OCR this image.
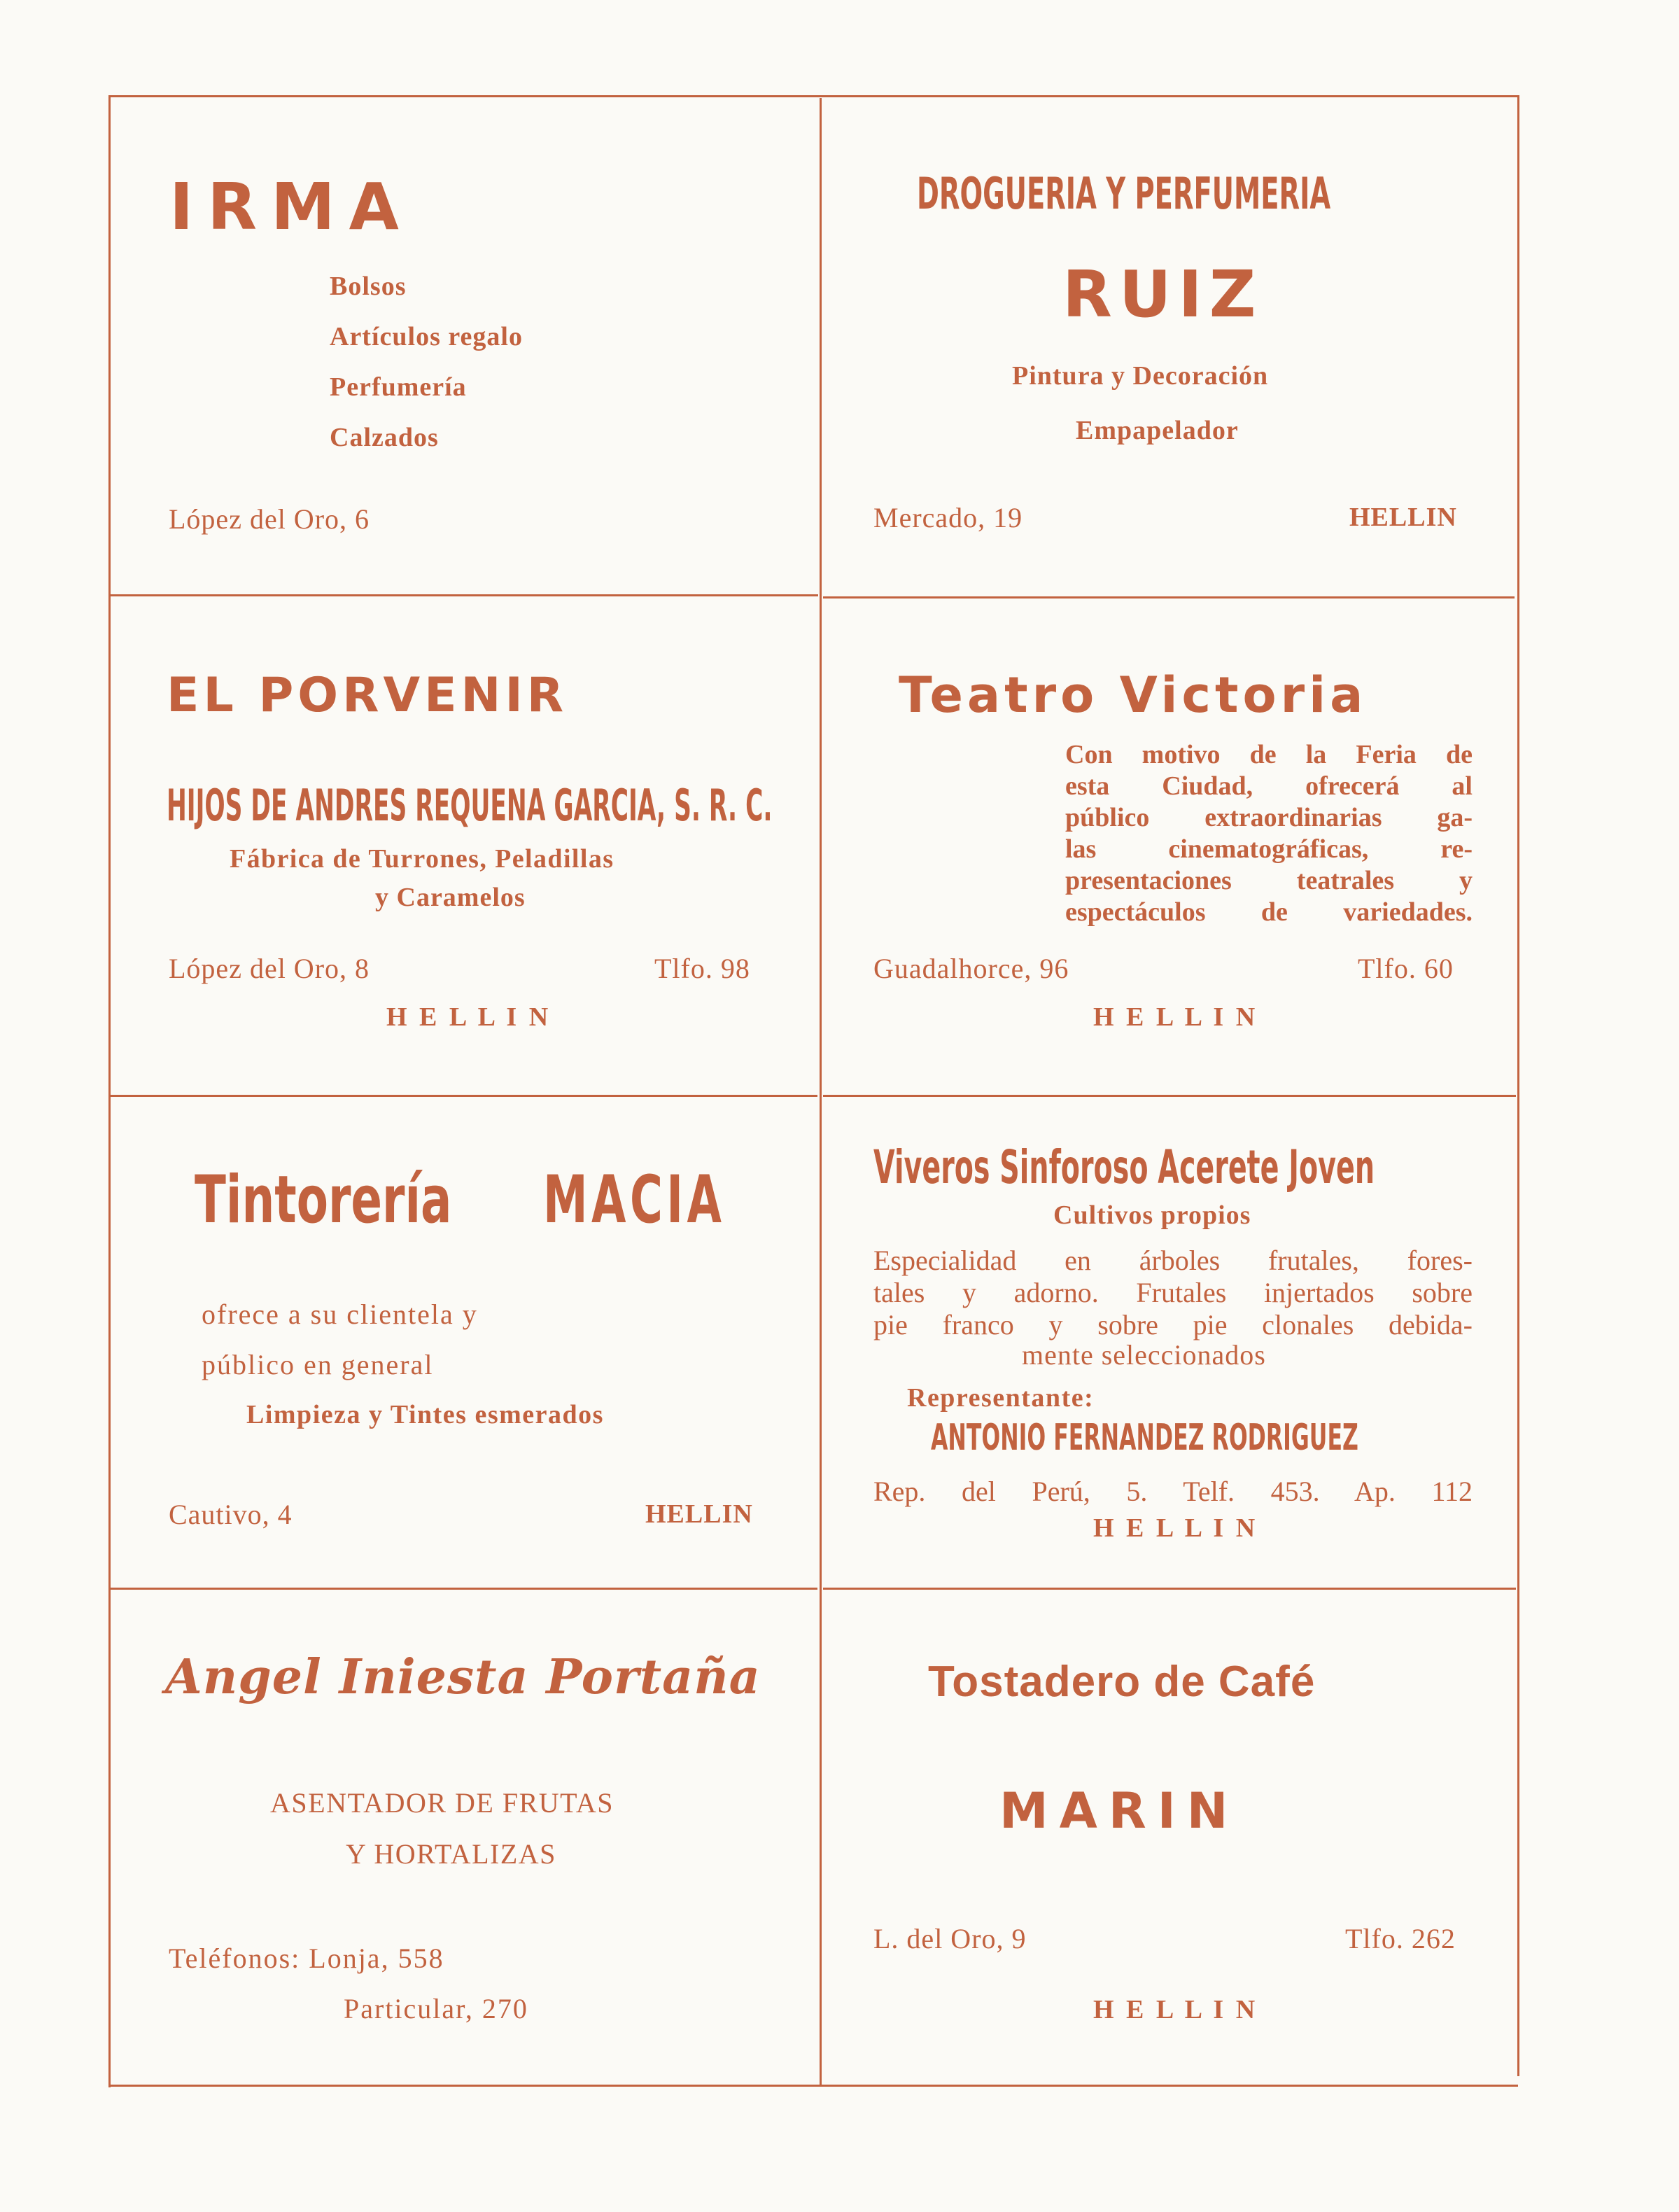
IRMA
Bolsos
Artículos regalo
Perfumería
Calzados
López del Oro, 6
DROGUERIA Y PERFUMERIA
RUIZ
Pintura y Decoración
Empapelador
Mercado, 19	HELLIN
EL PORVENIR
HIJOS DE ANDRES REQUENA GARCIA, S. R. C.
Fábrica de Turrones, Peladillas
y Caramelos
López del Oro, 8	Tlfo. 98
H E L L I N
Teatro Victoria
Con motivo de la Feria de
esta Ciudad, ofrecerá al
público extraordinarias ga-
las cinematográficas, re-
presentaciones teatrales y
espectáculos de variedades.
Guadalhorce, 96	Tlfo. 60
H E L L I N
Tintorería MACIA
ofrece a su clientela y
público en general
Limpieza y Tintes esmerados
Cautivo, 4	HELLIN
Viveros Sinforoso Acerete Joven
Cultivos propios
Especialidad en árboles frutales, fores-
tales y adorno. Frutales injertados sobre
pie franco y sobre pie clonales debida-
mente seleccionados
Representante:
ANTONIO FERNANDEZ RODRIGUEZ
Rep. del Perú, 5. Telf. 453. Ap. 112
H E L L I N
Angel Iniesta Portaña
ASENTADOR DE FRUTAS
Y HORTALIZAS
Teléfonos: Lonja, 558
Particular, 270
Tostadero de Café
MARIN
L. del Oro, 9	Tlfo. 262
H E L L I N
